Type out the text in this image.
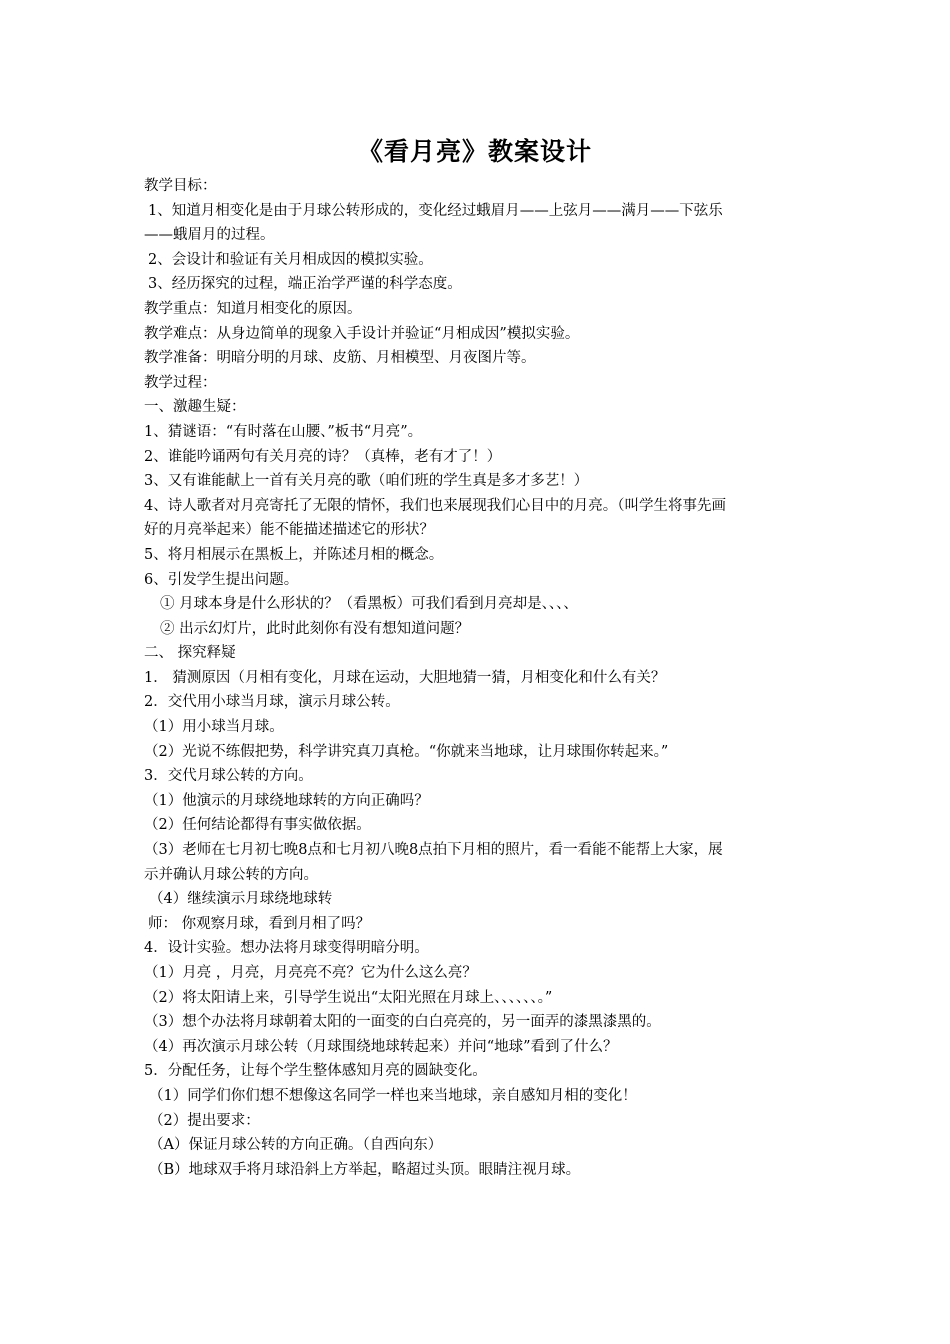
《看月亮》教案设计

教学目标：

1、知道月相变化是由于月球公转形成的，变化经过蛾眉月——上弦月——满月——下弦乐

——蛾眉月的过程。

2、会设计和验证有关月相成因的模拟实验。

3、经历探究的过程，端正治学严谨的科学态度。

教学重点：知道月相变化的原因。

教学难点：从身边简单的现象入手设计并验证“月相成因”模拟实验。

教学准备：明暗分明的月球、皮筋、月相模型、月夜图片等。

教学过程：

一、激趣生疑：

1、猜谜语：“有时落在山腰、”板书“月亮”。

2、谁能吟诵两句有关月亮的诗？（真棒，老有才了！）

3、又有谁能献上一首有关月亮的歌（咱们班的学生真是多才多艺！）

4、诗人歌者对月亮寄托了无限的情怀，我们也来展现我们心目中的月亮。（叫学生将事先画

好的月亮举起来）能不能描述描述它的形状？

5、将月相展示在黑板上，并陈述月相的概念。

6、引发学生提出问题。

① 月球本身是什么形状的？（看黑板）可我们看到月亮却是、、、、

② 出示幻灯片，此时此刻你有没有想知道问题？

二、 探究释疑

1． 猜测原因（月相有变化，月球在运动，大胆地猜一猜，月相变化和什么有关？

2．交代用小球当月球，演示月球公转。

（1）用小球当月球。

（2）光说不练假把势，科学讲究真刀真枪。“你就来当地球，让月球围你转起来。”

3．交代月球公转的方向。

（1）他演示的月球绕地球转的方向正确吗？

（2）任何结论都得有事实做依据。

（3）老师在七月初七晚8点和七月初八晚8点拍下月相的照片，看一看能不能帮上大家，展

示并确认月球公转的方向。

（4）继续演示月球绕地球转

师： 你观察月球，看到月相了吗？

4．设计实验。想办法将月球变得明暗分明。

（1）月亮 ，月亮，月亮亮不亮？它为什么这么亮？

（2）将太阳请上来，引导学生说出“太阳光照在月球上、、、、、、。”

（3）想个办法将月球朝着太阳的一面变的白白亮亮的，另一面弄的漆黑漆黑的。

（4）再次演示月球公转（月球围绕地球转起来）并问“地球”看到了什么？

5．分配任务，让每个学生整体感知月亮的圆缺变化。

（1）同学们你们想不想像这名同学一样也来当地球，亲自感知月相的变化！

（2）提出要求：

（A）保证月球公转的方向正确。（自西向东）

（B）地球双手将月球沿斜上方举起，略超过头顶。眼睛注视月球。
